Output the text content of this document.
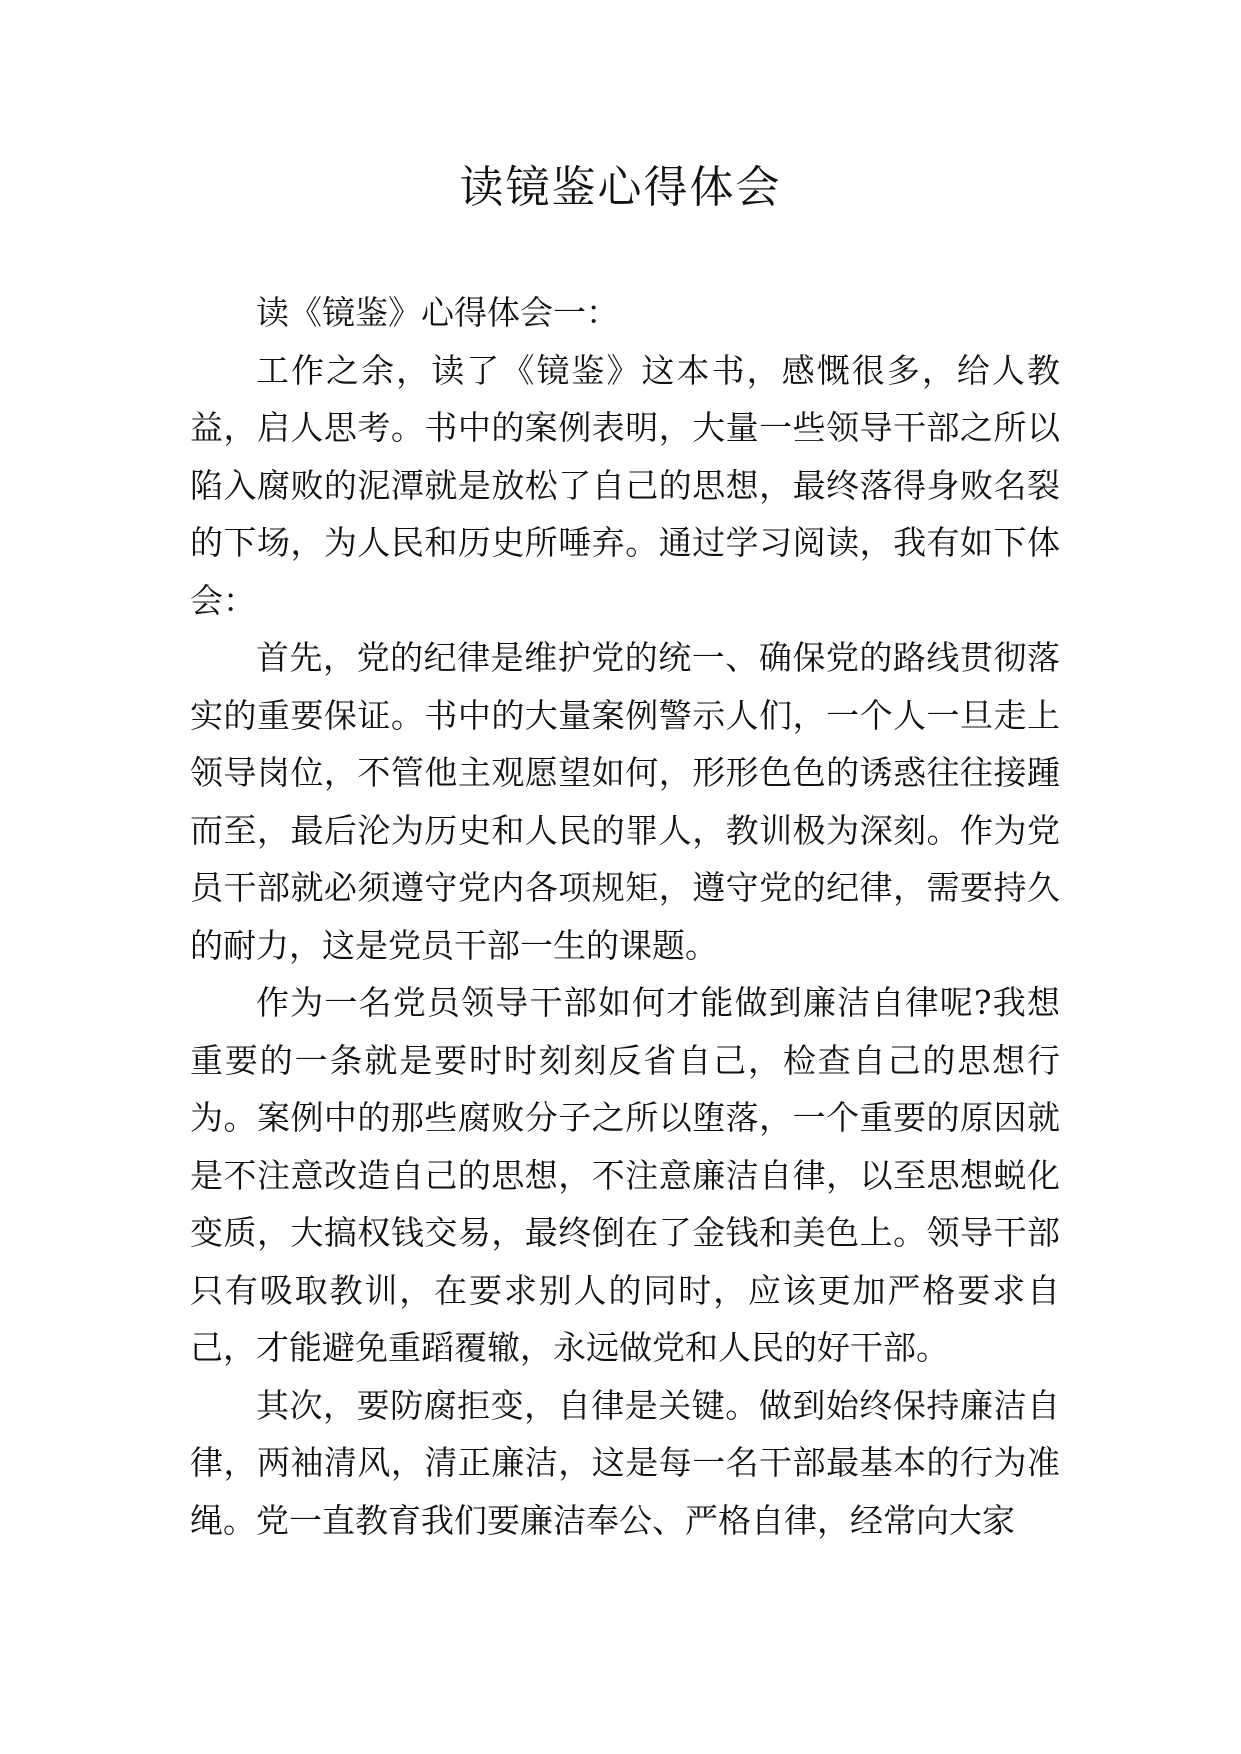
读镜鉴心得体会

读《镜鉴》心得体会一：

工作之余，读了《镜鉴》这本书，感慨很多，给人教益，启人思考。书中的案例表明，大量一些领导干部之所以陷入腐败的泥潭就是放松了自己的思想，最终落得身败名裂的下场，为人民和历史所唾弃。通过学习阅读，我有如下体会：

首先，党的纪律是维护党的统一、确保党的路线贯彻落实的重要保证。书中的大量案例警示人们，一个人一旦走上领导岗位，不管他主观愿望如何，形形色色的诱惑往往接踵而至，最后沦为历史和人民的罪人，教训极为深刻。作为党员干部就必须遵守党内各项规矩，遵守党的纪律，需要持久的耐力，这是党员干部一生的课题。

作为一名党员领导干部如何才能做到廉洁自律呢?我想重要的一条就是要时时刻刻反省自己，检查自己的思想行为。案例中的那些腐败分子之所以堕落，一个重要的原因就是不注意改造自己的思想，不注意廉洁自律，以至思想蜕化变质，大搞权钱交易，最终倒在了金钱和美色上。领导干部只有吸取教训，在要求别人的同时，应该更加严格要求自己，才能避免重蹈覆辙，永远做党和人民的好干部。

其次，要防腐拒变，自律是关键。做到始终保持廉洁自律，两袖清风，清正廉洁，这是每一名干部最基本的行为准绳。党一直教育我们要廉洁奉公、严格自律，经常向大家
